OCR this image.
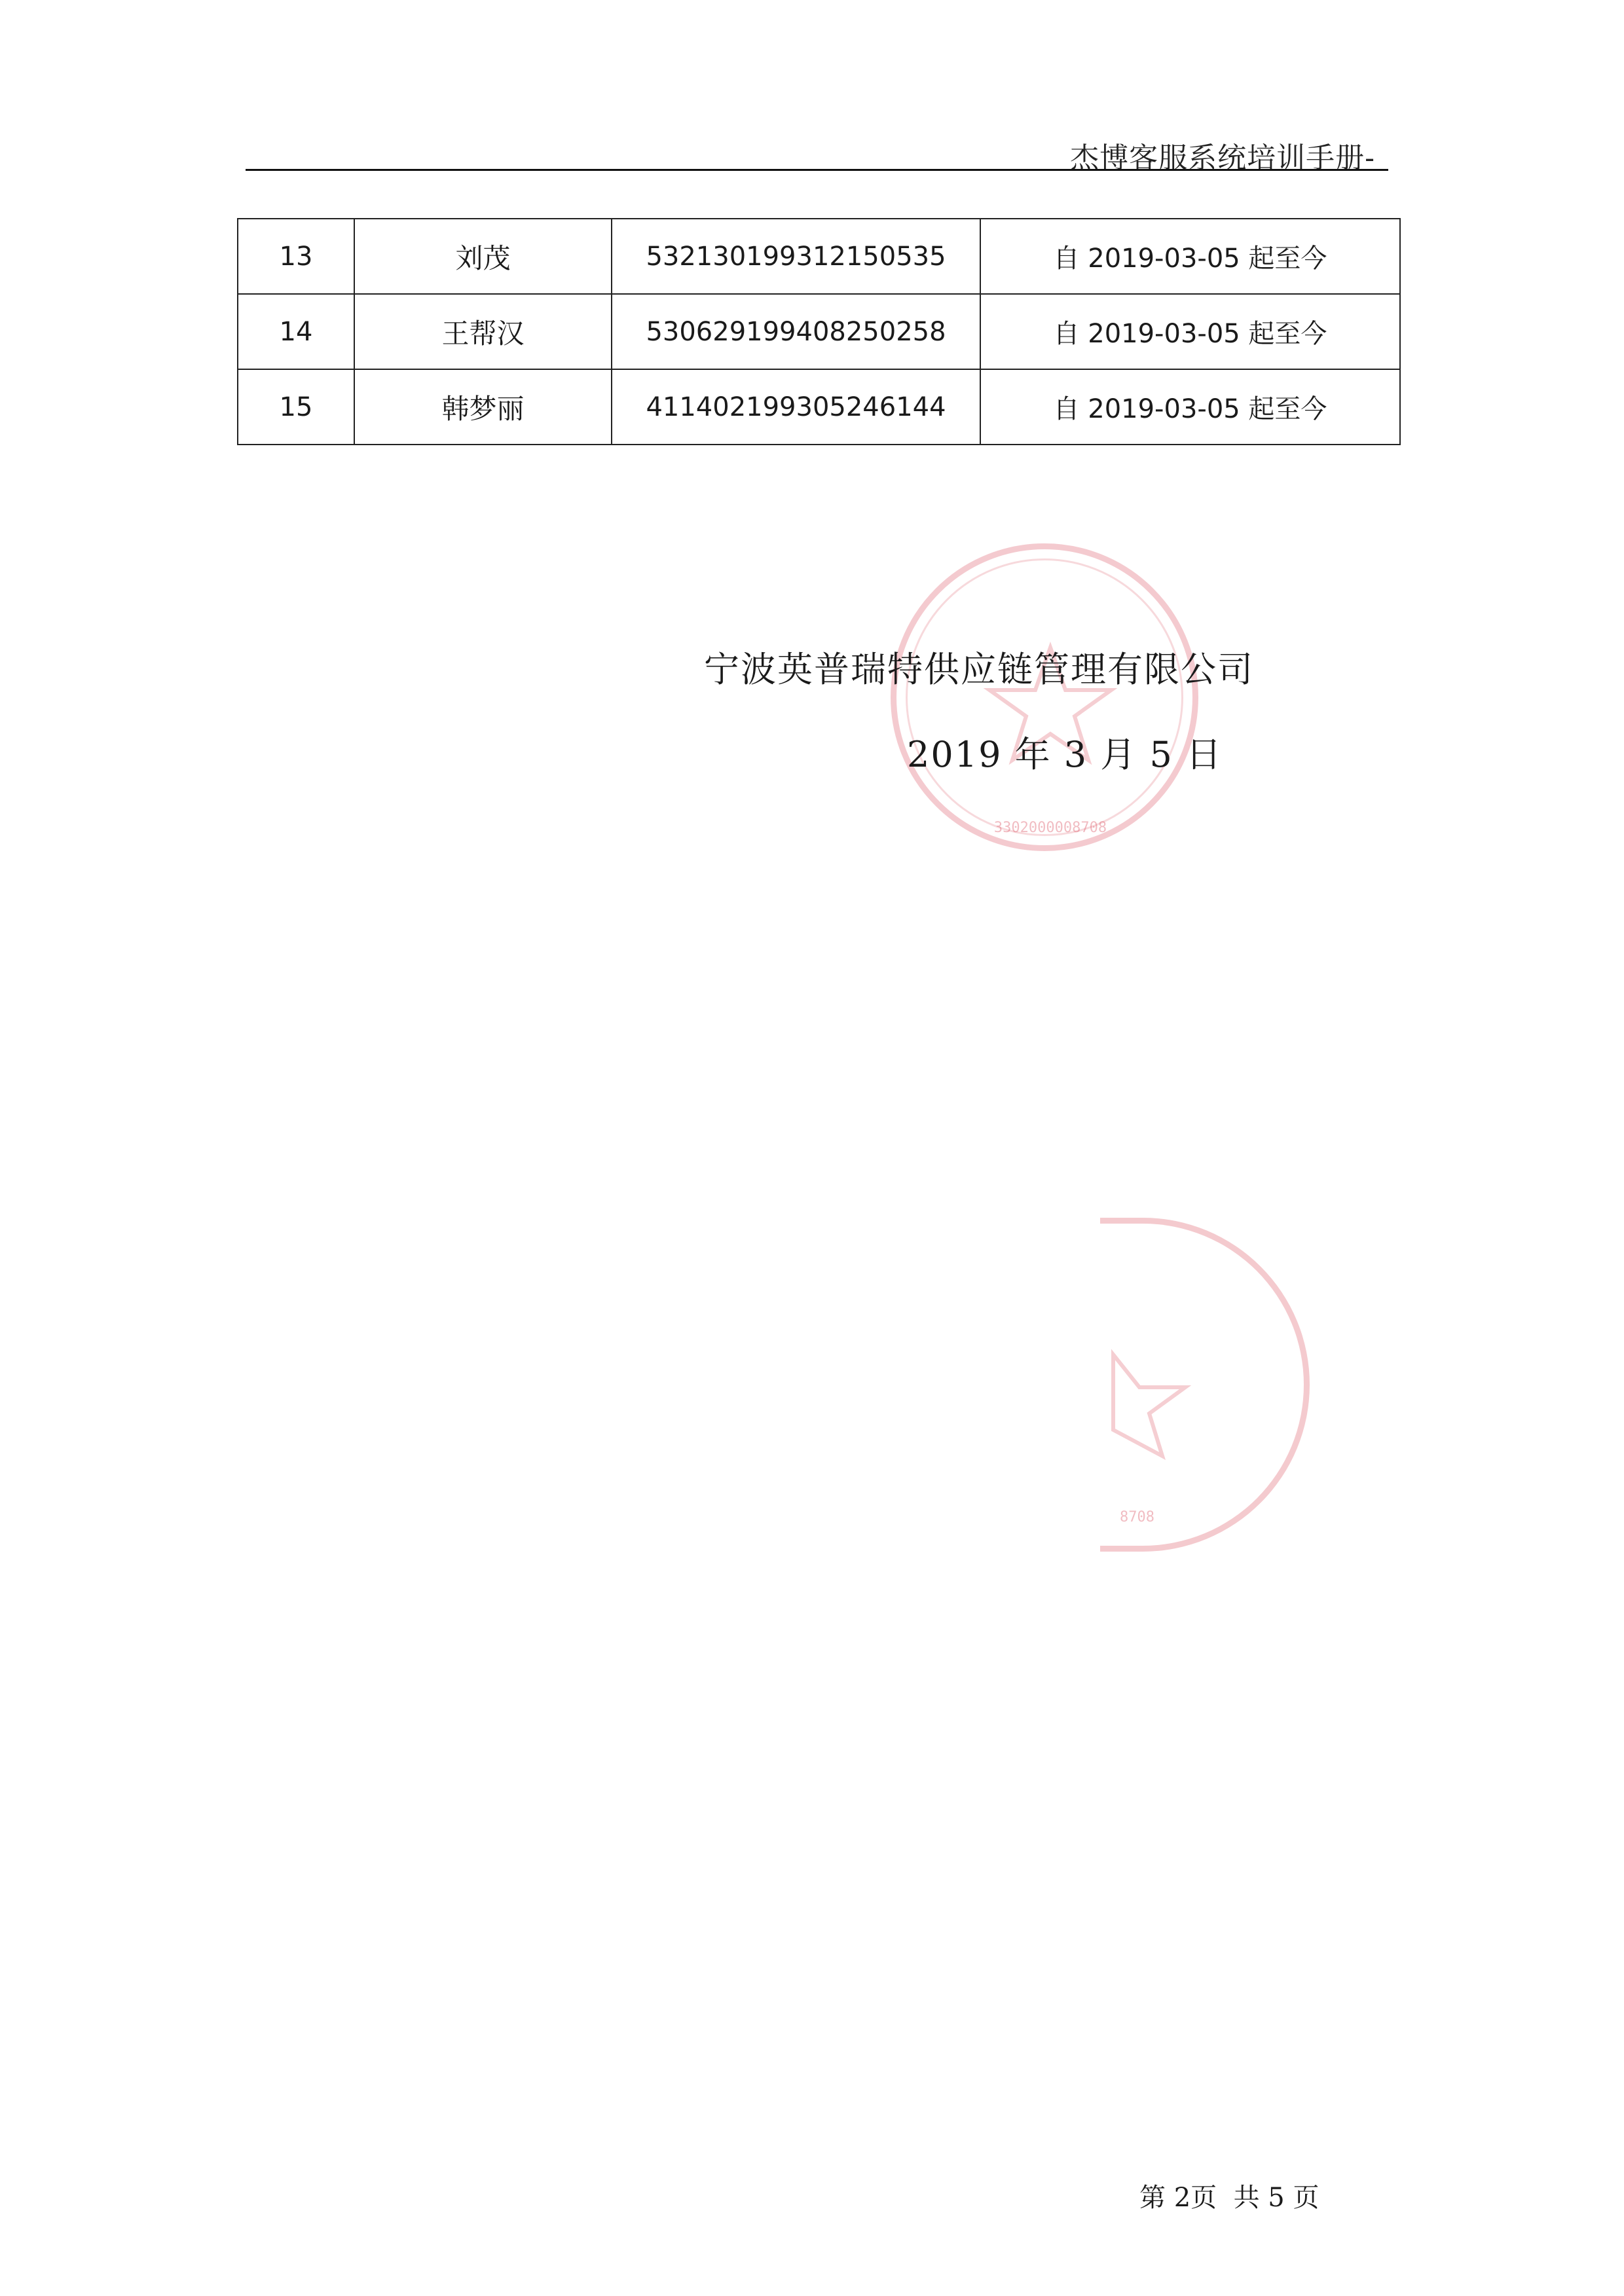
杰博客服系统培训手册-
13	刘茂	532130199312150535	自 2019-03-05 起至今
14	王帮汉	530629199408250258	自 2019-03-05 起至今
15	韩梦丽	411402199305246144	自 2019-03-05 起至今
3302000008708
8708
宁波英普瑞特供应链管理有限公司
2019 年 3 月 5 日
第 2页  共 5 页
